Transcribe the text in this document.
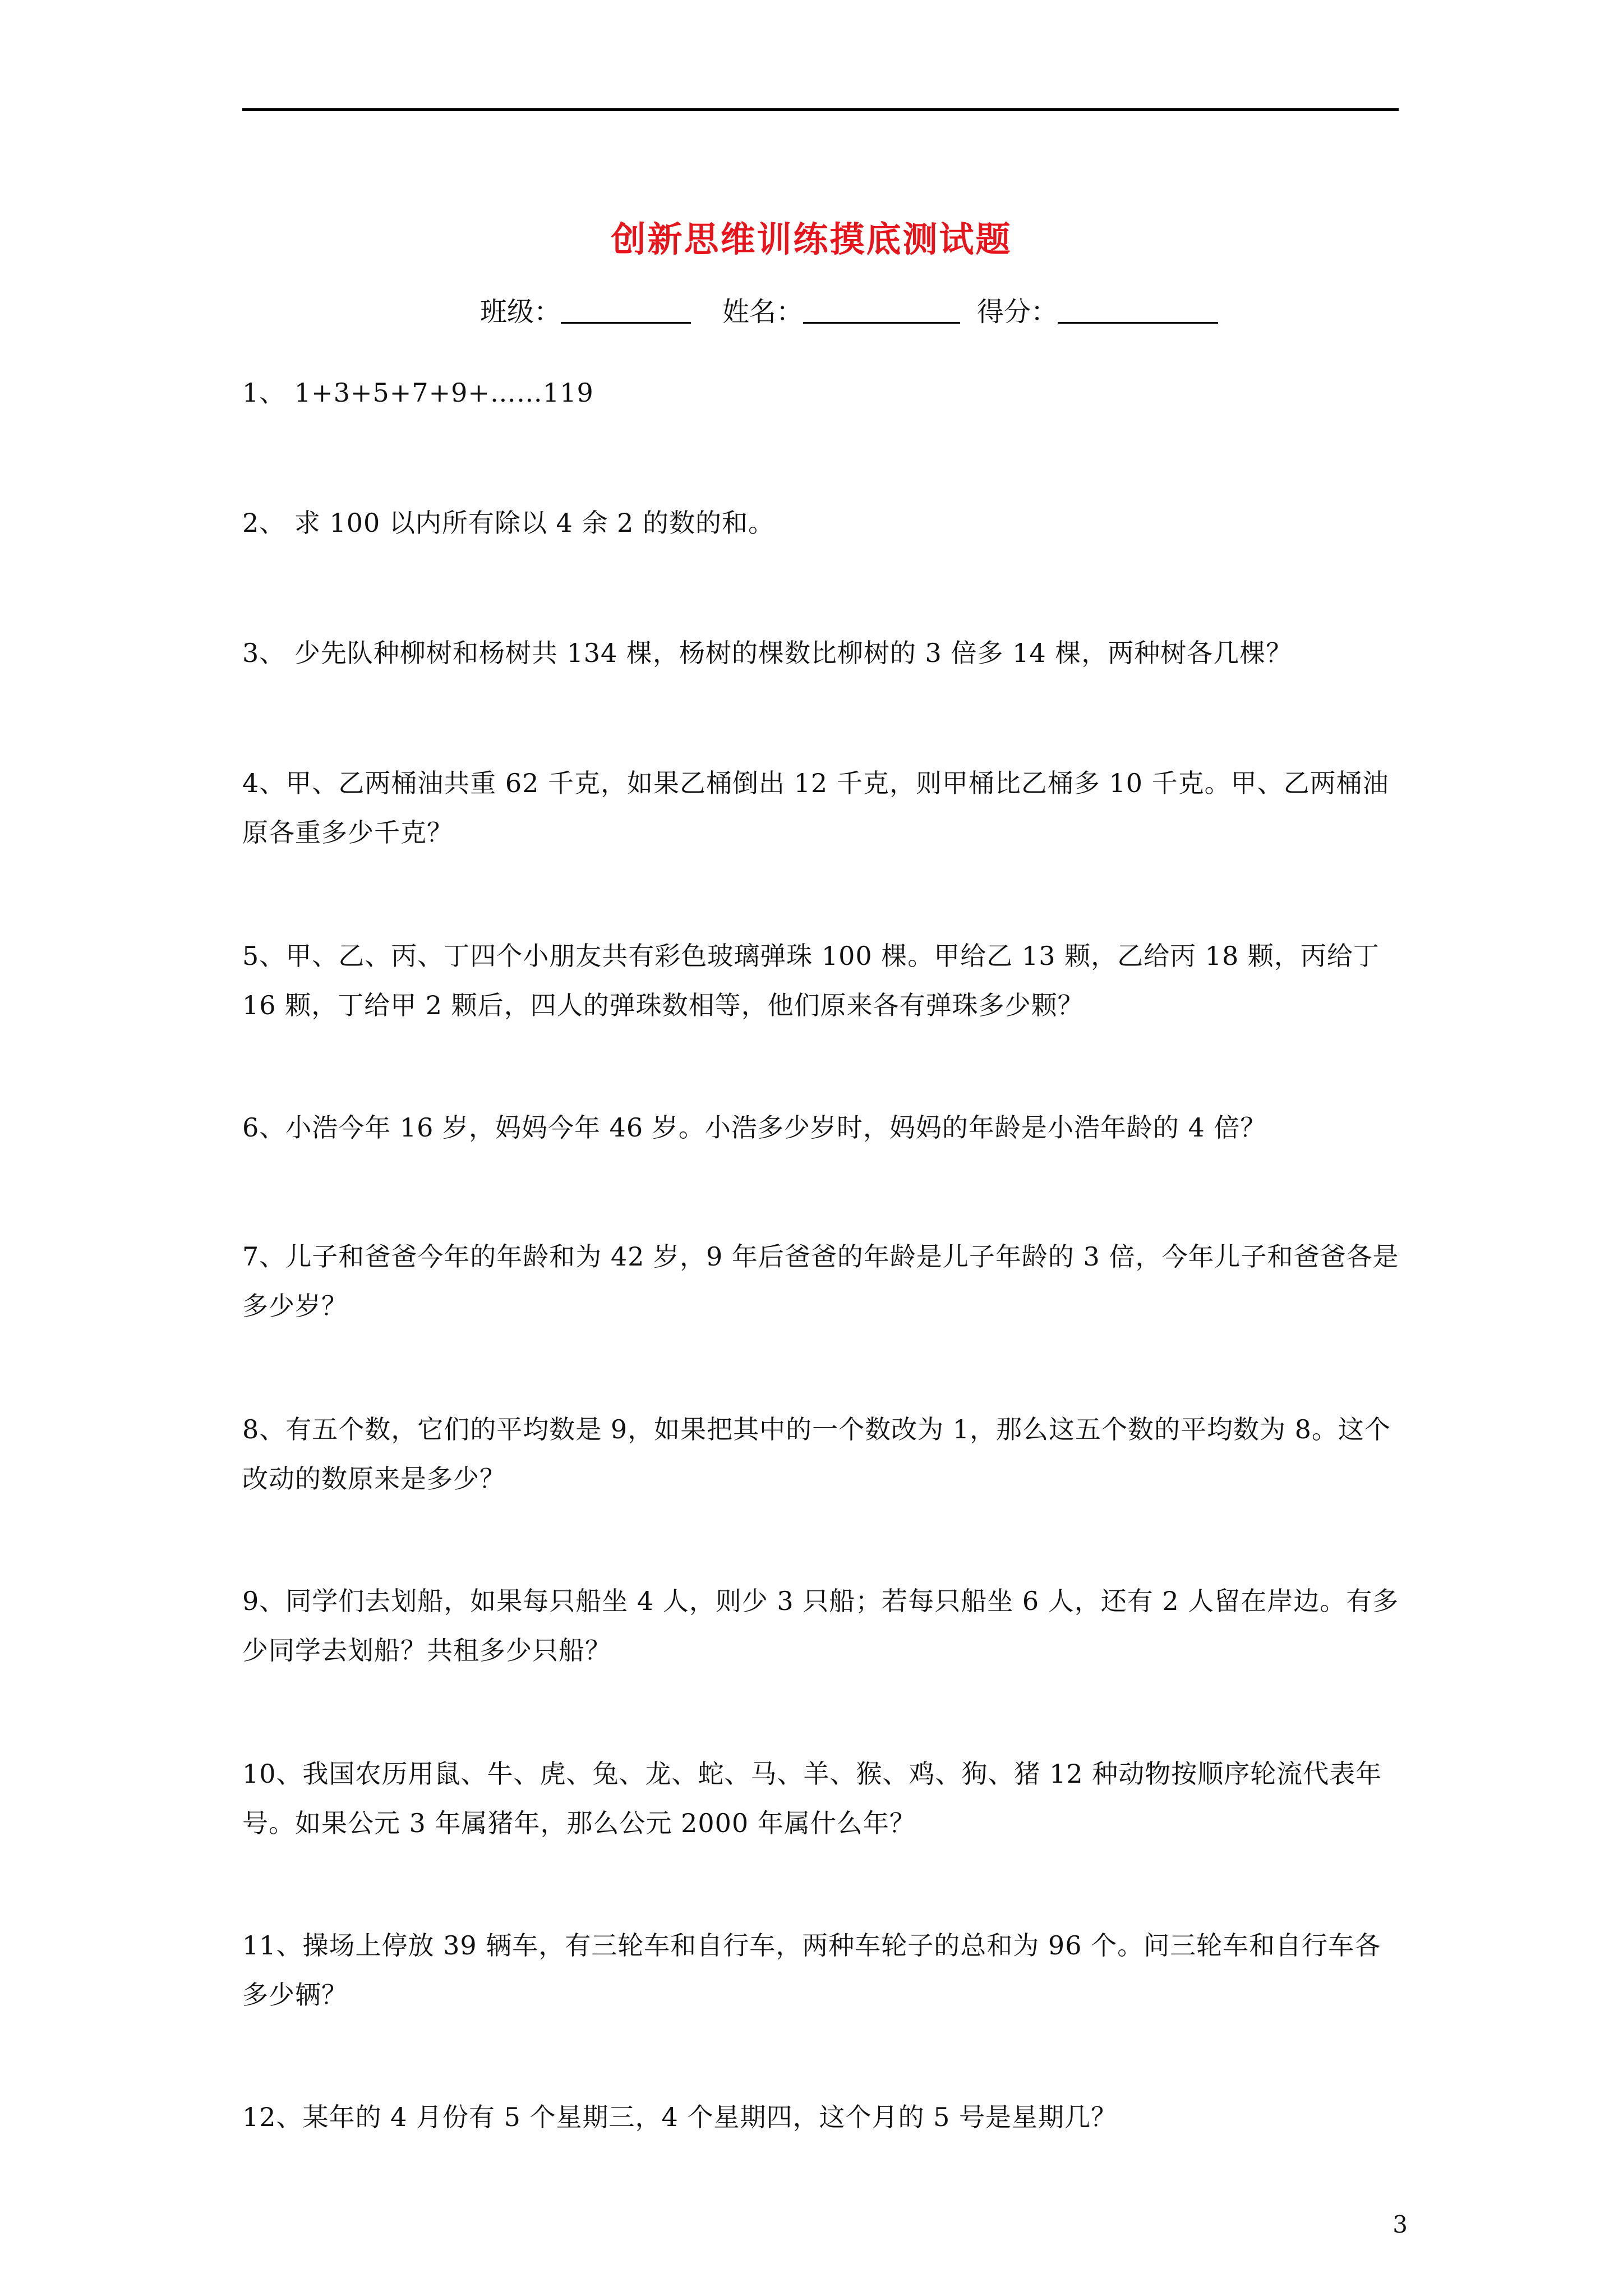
创新思维训练摸底测试题
班级：	姓名：	得分：
1、 1+3+5+7+9+……119
2、 求 100 以内所有除以 4 余 2 的数的和。
3、 少先队种柳树和杨树共 134 棵，杨树的棵数比柳树的 3 倍多 14 棵，两种树各几棵？
4、甲、乙两桶油共重 62 千克，如果乙桶倒出 12 千克，则甲桶比乙桶多 10 千克。甲、乙两桶油原各重多少千克？
5、甲、乙、丙、丁四个小朋友共有彩色玻璃弹珠 100 棵。甲给乙 13 颗，乙给丙 18 颗，丙给丁 16 颗，丁给甲 2 颗后，四人的弹珠数相等，他们原来各有弹珠多少颗？
6、小浩今年 16 岁，妈妈今年 46 岁。小浩多少岁时，妈妈的年龄是小浩年龄的 4 倍？
7、儿子和爸爸今年的年龄和为 42 岁，9 年后爸爸的年龄是儿子年龄的 3 倍，今年儿子和爸爸各是多少岁？
8、有五个数，它们的平均数是 9，如果把其中的一个数改为 1，那么这五个数的平均数为 8。这个改动的数原来是多少？
9、同学们去划船，如果每只船坐 4 人，则少 3 只船；若每只船坐 6 人，还有 2 人留在岸边。有多少同学去划船？共租多少只船？
10、我国农历用鼠、牛、虎、兔、龙、蛇、马、羊、猴、鸡、狗、猪 12 种动物按顺序轮流代表年号。如果公元 3 年属猪年，那么公元 2000 年属什么年？
11、操场上停放 39 辆车，有三轮车和自行车，两种车轮子的总和为 96 个。问三轮车和自行车各多少辆？
12、某年的 4 月份有 5 个星期三，4 个星期四，这个月的 5 号是星期几？
3
